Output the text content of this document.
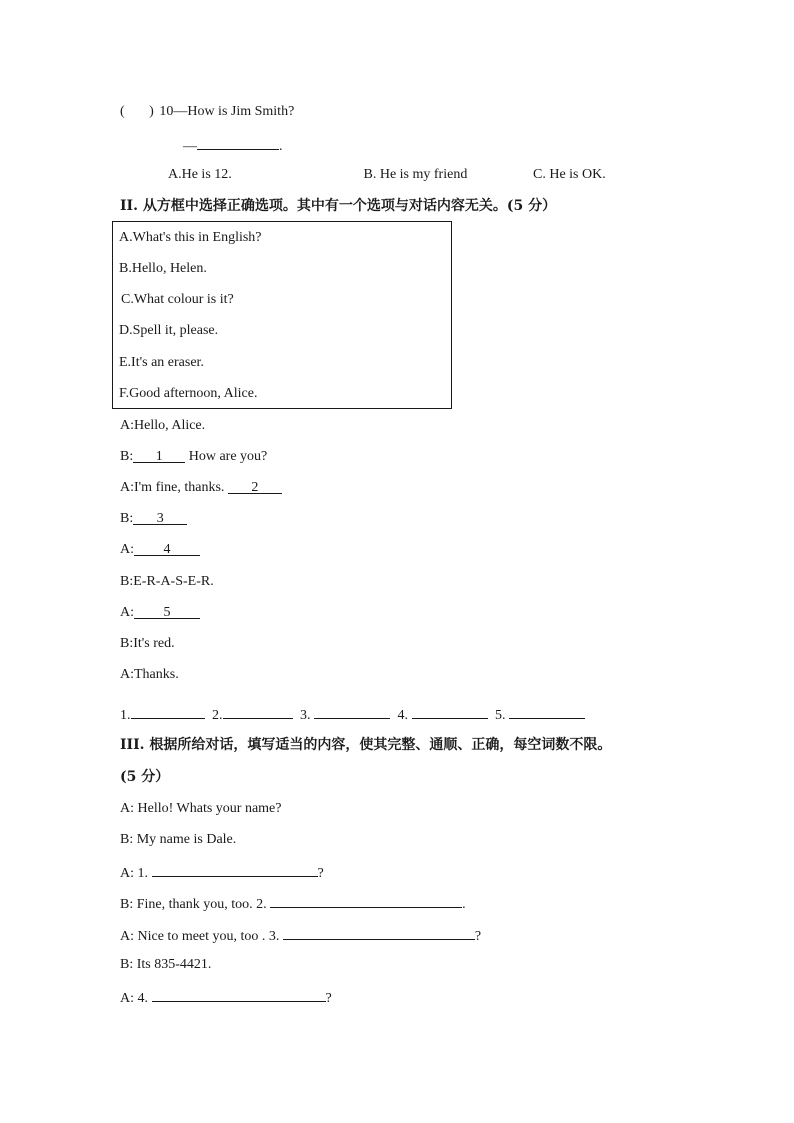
(       ) 10—How is Jim Smith?
—	.
A.He is 12.	B. He is my friend	C. He is OK.
II. 从方框中选择正确选项。其中有一个选项与对话内容无关。(5 分）
A.What's this in English?
B.Hello, Helen.
C.What colour is it?
D.Spell it, please.
E.It's an eraser.
F.Good afternoon, Alice.
A:Hello, Alice.
B: 1 How are you?
A:I'm fine, thanks. 2
B: 3
A: 4
B:E-R-A-S-E-R.
A: 5
B:It's red.
A:Thanks.
1.	2.	3.	4.	5.
III. 根据所给对话，填写适当的内容，使其完整、通顺、正确，每空词数不限。
(5 分）
A: Hello! Whats your name?
B: My name is Dale.
A: 1.	?
B: Fine, thank you, too. 2.	.
A: Nice to meet you, too . 3.	?
B: Its 835-4421.
A: 4.	?
